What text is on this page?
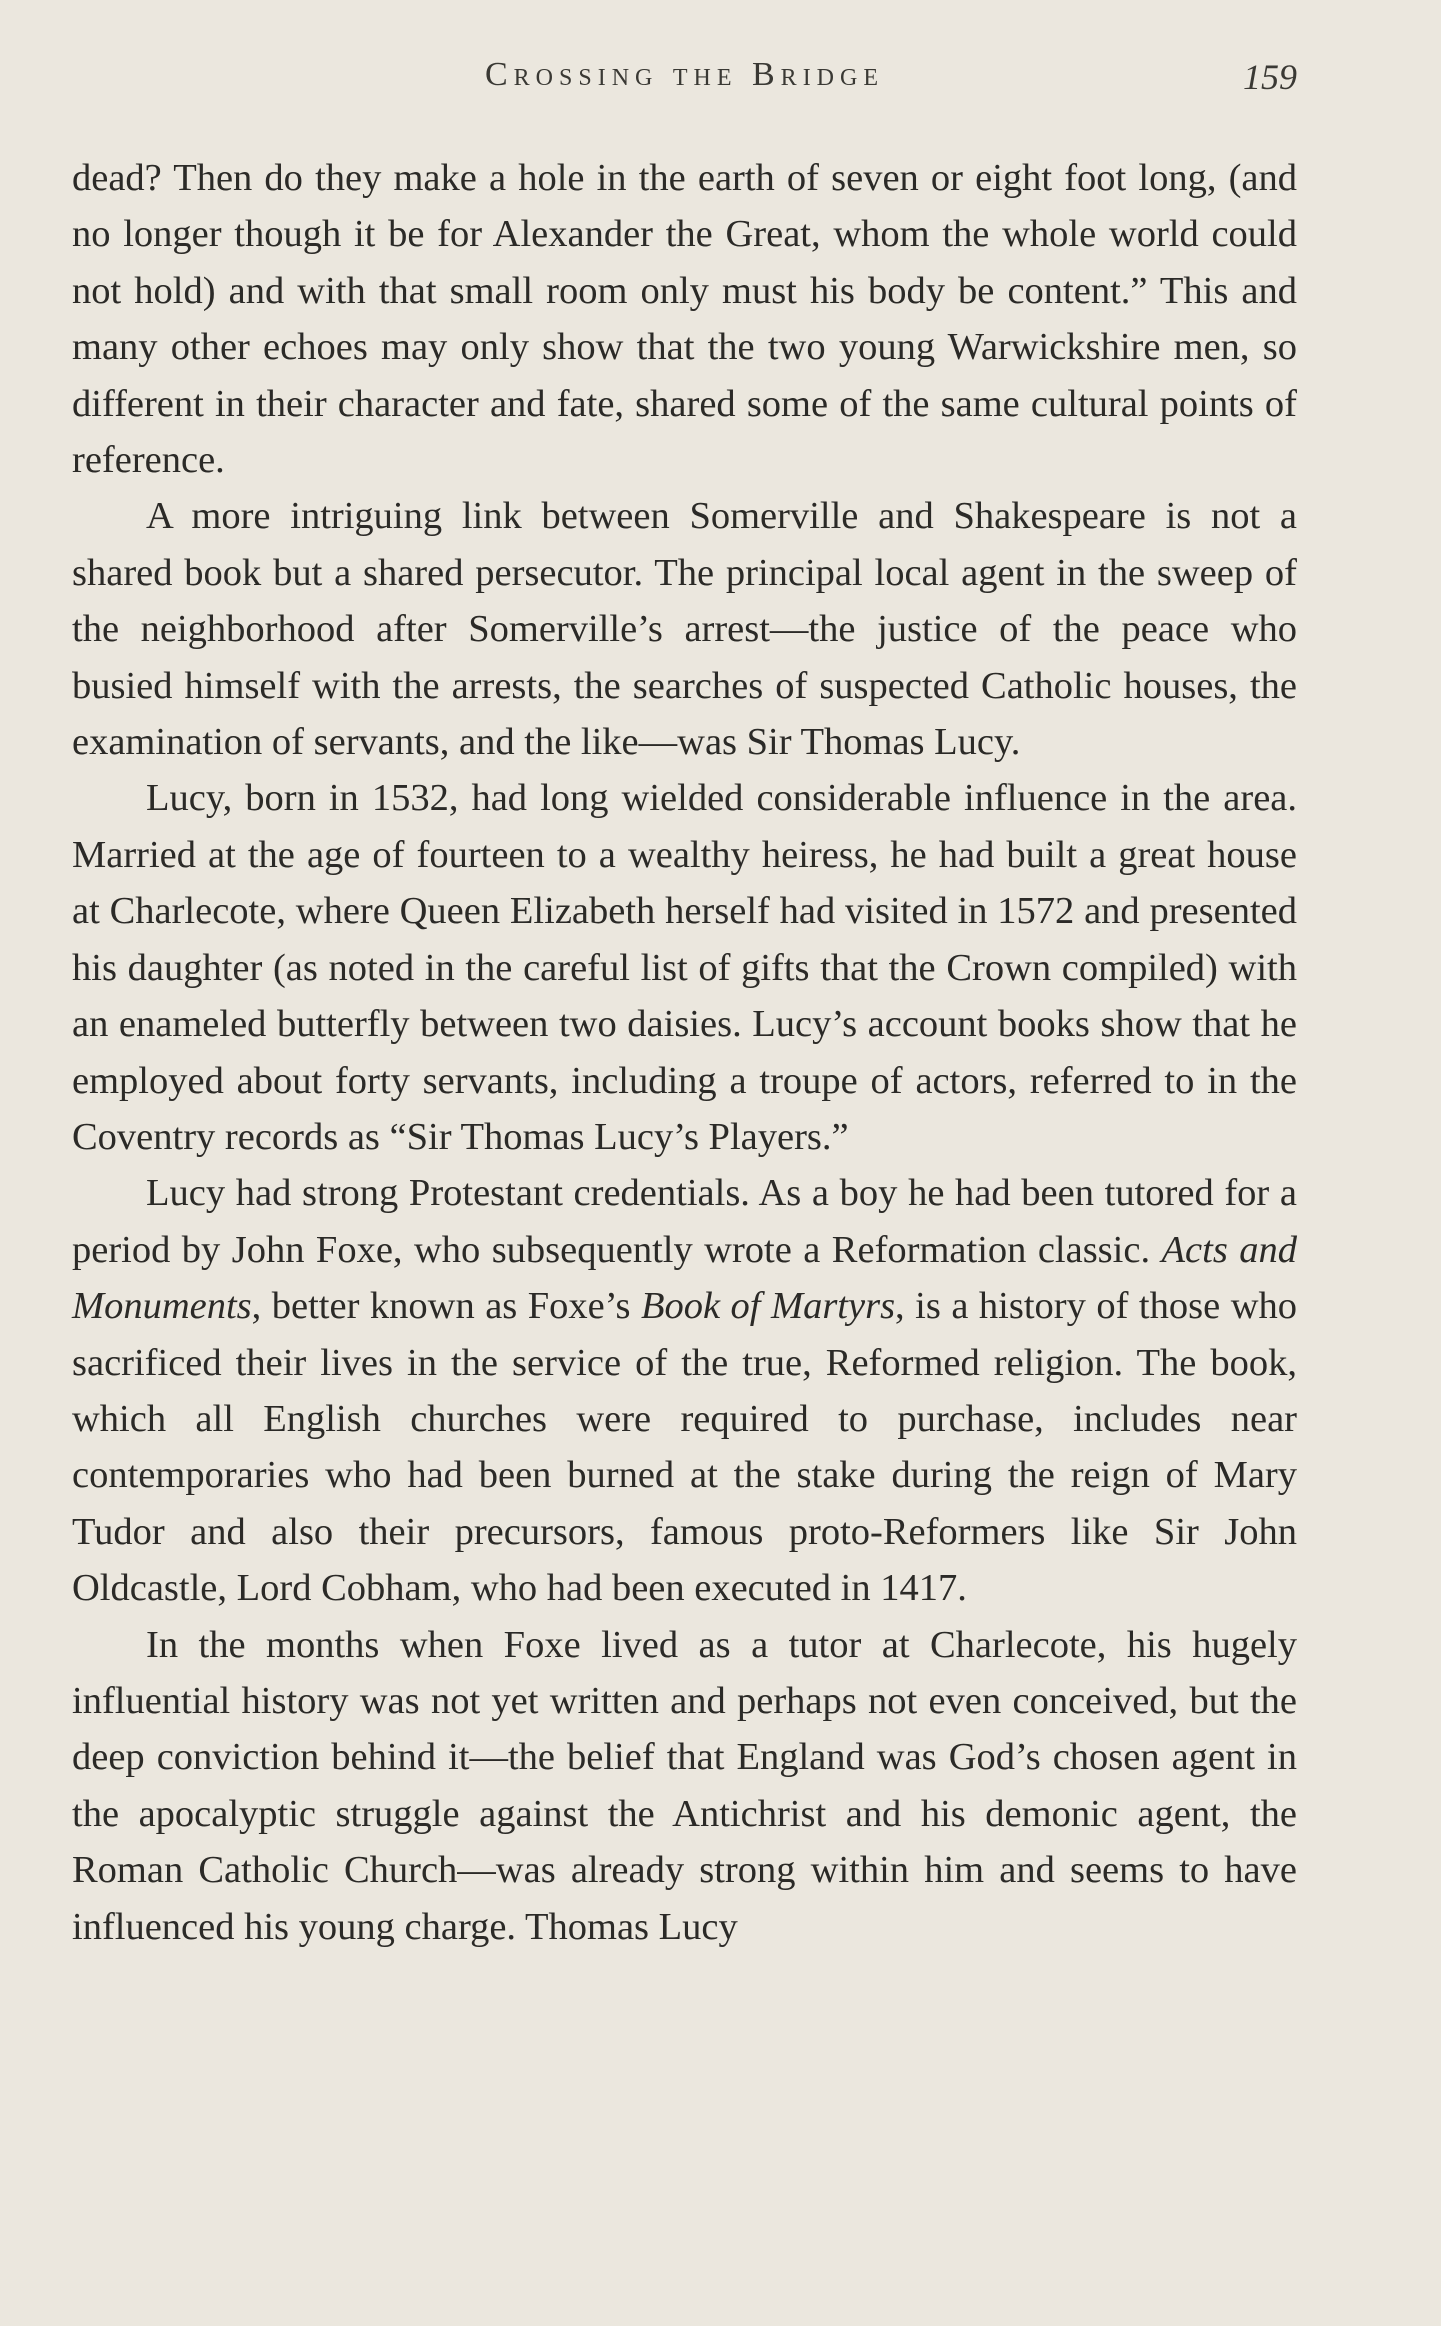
Crossing the Bridge	159

dead? Then do they make a hole in the earth of seven or eight foot long, (and no longer though it be for Alexander the Great, whom the whole world could not hold) and with that small room only must his body be content.” This and many other echoes may only show that the two young Warwickshire men, so different in their character and fate, shared some of the same cultural points of reference.

A more intriguing link between Somerville and Shakespeare is not a shared book but a shared persecutor. The principal local agent in the sweep of the neighborhood after Somerville’s arrest—the justice of the peace who busied himself with the arrests, the searches of suspected Catholic houses, the examination of servants, and the like—was Sir Thomas Lucy.

Lucy, born in 1532, had long wielded considerable influence in the area. Married at the age of fourteen to a wealthy heiress, he had built a great house at Charlecote, where Queen Elizabeth herself had visited in 1572 and presented his daughter (as noted in the careful list of gifts that the Crown compiled) with an enameled butterfly between two daisies. Lucy’s account books show that he employed about forty servants, including a troupe of actors, referred to in the Coventry records as “Sir Thomas Lucy’s Players.”

Lucy had strong Protestant credentials. As a boy he had been tutored for a period by John Foxe, who subsequently wrote a Reformation classic. Acts and Monuments, better known as Foxe’s Book of Martyrs, is a history of those who sacrificed their lives in the service of the true, Reformed religion. The book, which all English churches were required to purchase, includes near contemporaries who had been burned at the stake during the reign of Mary Tudor and also their precursors, famous proto-Reformers like Sir John Oldcastle, Lord Cobham, who had been executed in 1417.

In the months when Foxe lived as a tutor at Charlecote, his hugely influential history was not yet written and perhaps not even conceived, but the deep conviction behind it—the belief that England was God’s chosen agent in the apocalyptic struggle against the Antichrist and his demonic agent, the Roman Catholic Church—was already strong within him and seems to have influenced his young charge. Thomas Lucy
